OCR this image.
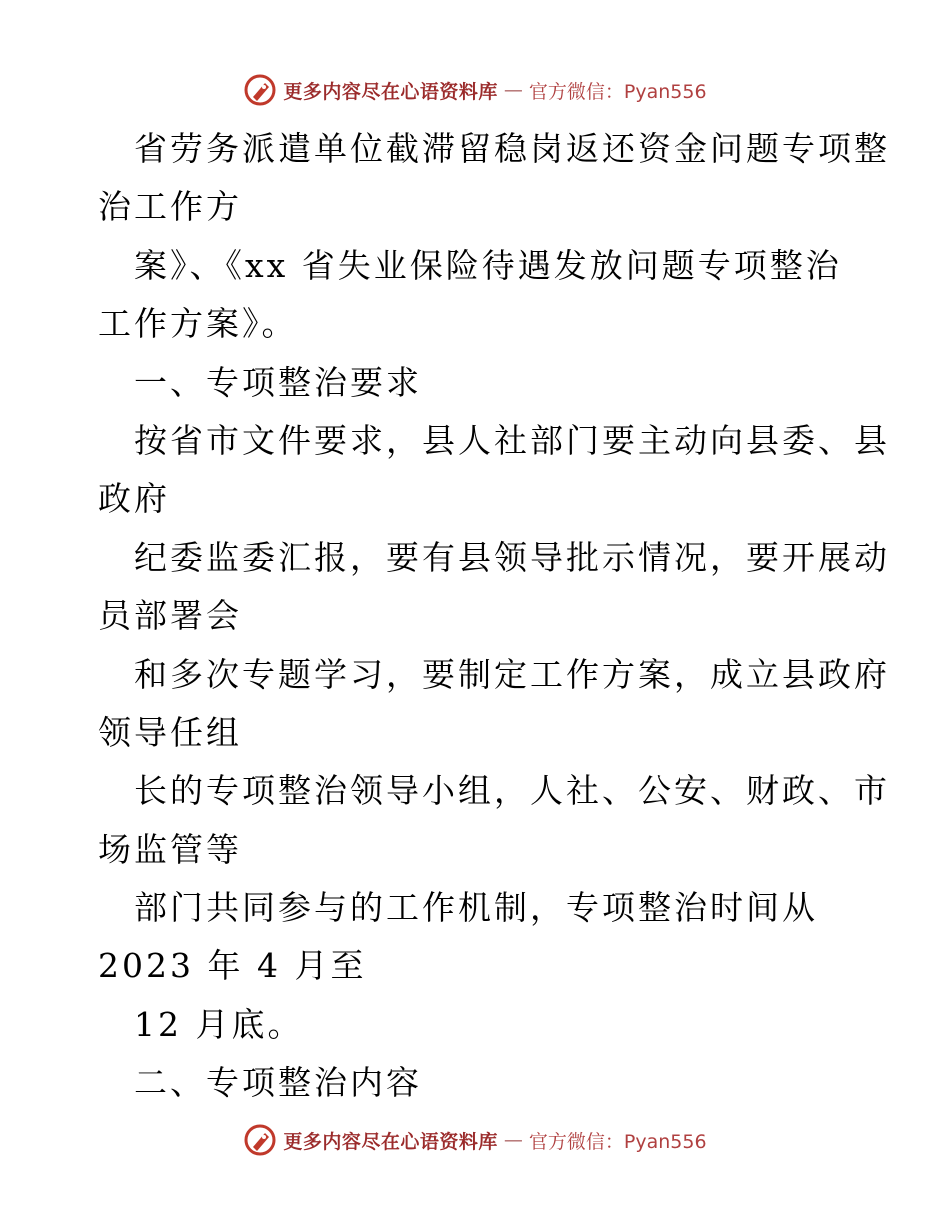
更多内容尽在心语资料库 — 官方微信：Pyan556
省劳务派遣单位截滞留稳岗返还资金问题专项整
治工作方
案》、《xx 省失业保险待遇发放问题专项整治
工作方案》。
一、专项整治要求
按省市文件要求，县人社部门要主动向县委、县
政府
纪委监委汇报，要有县领导批示情况，要开展动
员部署会
和多次专题学习，要制定工作方案，成立县政府
领导任组
长的专项整治领导小组，人社、公安、财政、市
场监管等
部门共同参与的工作机制，专项整治时间从
2023 年 4 月至
12 月底。
二、专项整治内容
更多内容尽在心语资料库 — 官方微信：Pyan556
